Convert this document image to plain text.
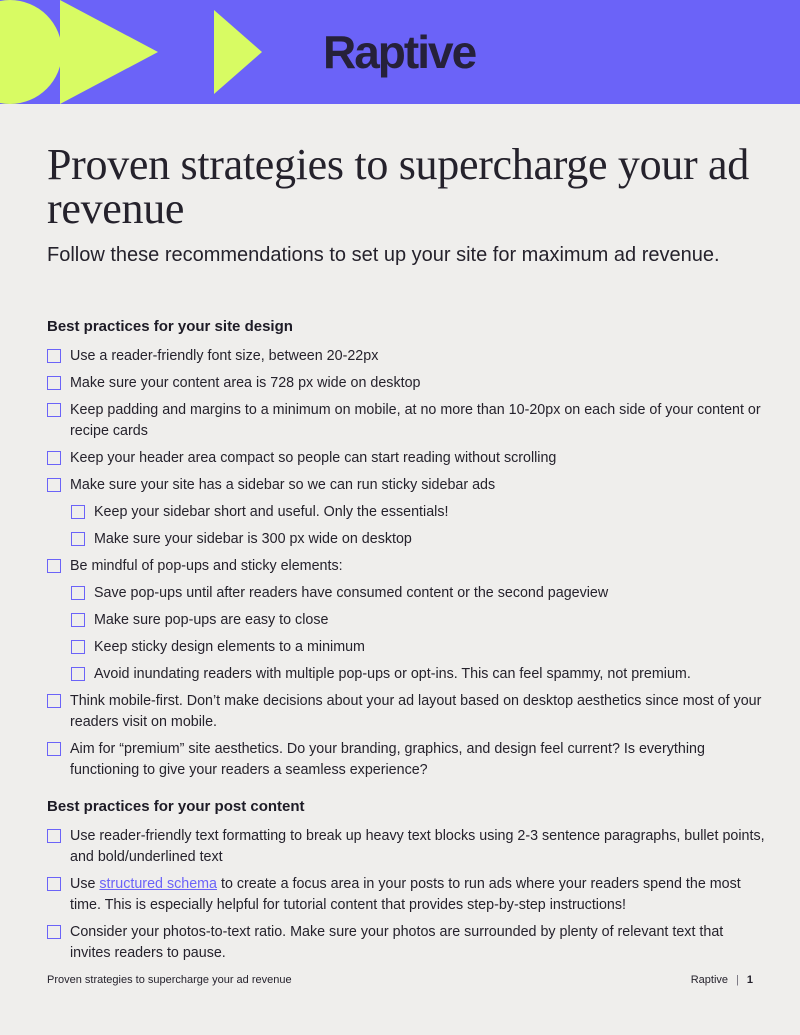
Raptive
Proven strategies to supercharge your ad revenue

Follow these recommendations to set up your site for maximum ad revenue.

Best practices for your site design
Use a reader-friendly font size, between 20-22px
Make sure your content area is 728 px wide on desktop
Keep padding and margins to a minimum on mobile, at no more than 10-20px on each side of your content or recipe cards
Keep your header area compact so people can start reading without scrolling
Make sure your site has a sidebar so we can run sticky sidebar ads
Keep your sidebar short and useful. Only the essentials!
Make sure your sidebar is 300 px wide on desktop
Be mindful of pop-ups and sticky elements:
Save pop-ups until after readers have consumed content or the second pageview
Make sure pop-ups are easy to close
Keep sticky design elements to a minimum
Avoid inundating readers with multiple pop-ups or opt-ins. This can feel spammy, not premium.
Think mobile-first. Don’t make decisions about your ad layout based on desktop aesthetics since most of your readers visit on mobile.
Aim for “premium” site aesthetics. Do your branding, graphics, and design feel current? Is everything functioning to give your readers a seamless experience?
Best practices for your post content
Use reader-friendly text formatting to break up heavy text blocks using 2-3 sentence paragraphs, bullet points, and bold/underlined text
Use structured schema to create a focus area in your posts to run ads where your readers spend the most time. This is especially helpful for tutorial content that provides step-by-step instructions!
Consider your photos-to-text ratio. Make sure your photos are surrounded by plenty of relevant text that invites readers to pause.
Proven strategies to supercharge your ad revenue	Raptive | 1
